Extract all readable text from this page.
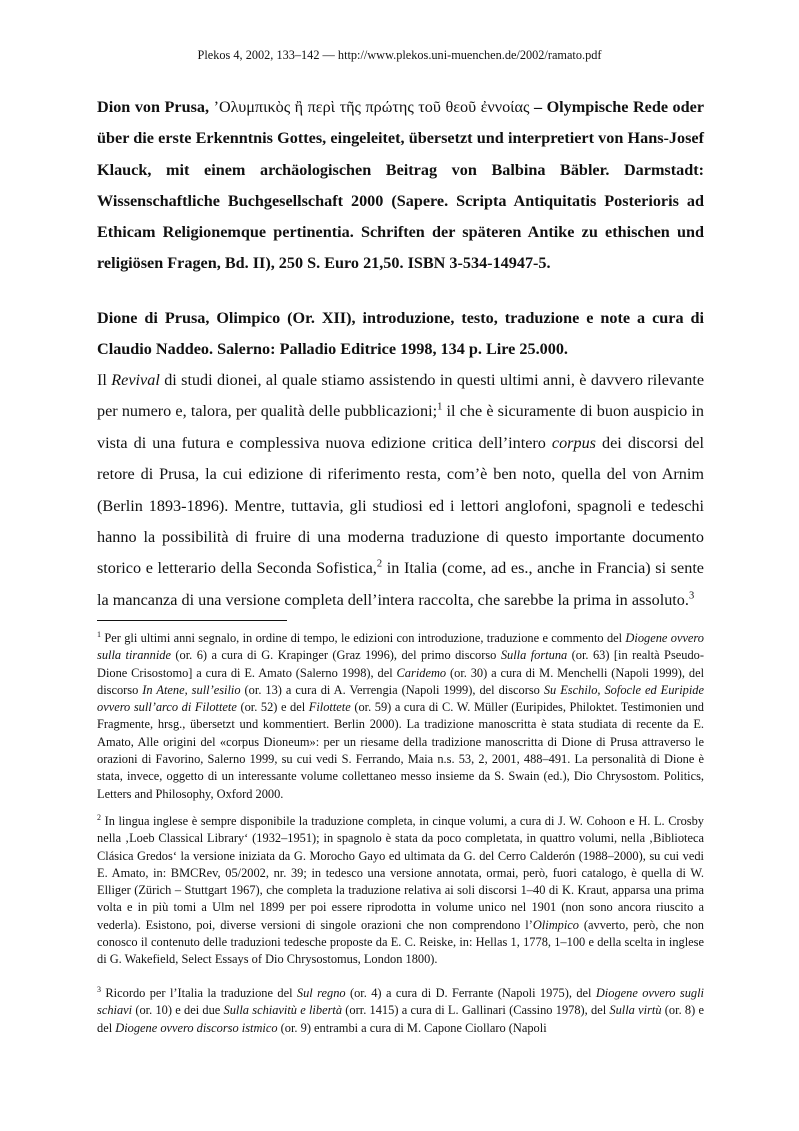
Plekos 4, 2002, 133–142 — http://www.plekos.uni-muenchen.de/2002/ramato.pdf
Dion von Prusa, ʼΟλυμπικὸς ἢ περὶ τῆς πρώτης τοῦ θεοῦ ἐννοίας – Olympische Rede oder über die erste Erkenntnis Gottes, eingeleitet, übersetzt und interpretiert von Hans-Josef Klauck, mit einem archäologischen Beitrag von Balbina Bäbler. Darmstadt: Wissenschaftliche Buchgesellschaft 2000 (Sapere. Scripta Antiquitatis Posterioris ad Ethicam Religionemque pertinentia. Schriften der späteren Antike zu ethischen und religiösen Fragen, Bd. II), 250 S. Euro 21,50. ISBN 3-534-14947-5.
Dione di Prusa, Olimpico (Or. XII), introduzione, testo, traduzione e note a cura di Claudio Naddeo. Salerno: Palladio Editrice 1998, 134 p. Lire 25.000.
Il Revival di studi dionei, al quale stiamo assistendo in questi ultimi anni, è davvero rilevante per numero e, talora, per qualità delle pubblicazioni;$^1$ il che è sicuramente di buon auspicio in vista di una futura e complessiva nuova edizione critica dell’intero corpus dei discorsi del retore di Prusa, la cui edizione di riferimento resta, com’è ben noto, quella del von Arnim (Berlin 1893-1896). Mentre, tuttavia, gli studiosi ed i lettori anglofoni, spagnoli e tedeschi hanno la possibilità di fruire di una moderna traduzione di questo importante documento storico e letterario della Seconda Sofistica,$^2$ in Italia (come, ad es., anche in Francia) si sente la mancanza di una versione completa dell’intera raccolta, che sarebbe la prima in assoluto.$^3$
$^1$ Per gli ultimi anni segnalo, in ordine di tempo, le edizioni con introduzione, traduzione e commento del Diogene ovvero sulla tirannide (or. 6) a cura di G. Krapinger (Graz 1996), del primo discorso Sulla fortuna (or. 63) [in realtà Pseudo-Dione Crisostomo] a cura di E. Amato (Salerno 1998), del Caridemo (or. 30) a cura di M. Menchelli (Napoli 1999), del discorso In Atene, sull’esilio (or. 13) a cura di A. Verrengia (Napoli 1999), del discorso Su Eschilo, Sofocle ed Euripide ovvero sull’arco di Filottete (or. 52) e del Filottete (or. 59) a cura di C. W. Müller (Euripides, Philoktet. Testimonien und Fragmente, hrsg., übersetzt und kommentiert. Berlin 2000). La tradizione manoscritta è stata studiata di recente da E. Amato, Alle origini del «corpus Dioneum»: per un riesame della tradizione manoscritta di Dione di Prusa attraverso le orazioni di Favorino, Salerno 1999, su cui vedi S. Ferrando, Maia n.s. 53, 2, 2001, 488–491. La personalità di Dione è stata, invece, oggetto di un interessante volume collettaneo messo insieme da S. Swain (ed.), Dio Chrysostom. Politics, Letters and Philosophy, Oxford 2000.
$^2$ In lingua inglese è sempre disponibile la traduzione completa, in cinque volumi, a cura di J. W. Cohoon e H. L. Crosby nella ‚Loeb Classical Library‘ (1932–1951); in spagnolo è stata da poco completata, in quattro volumi, nella ‚Biblioteca Clásica Gredos‘ la versione iniziata da G. Morocho Gayo ed ultimata da G. del Cerro Calderón (1988–2000), su cui vedi E. Amato, in: BMCRev, 05/2002, nr. 39; in tedesco una versione annotata, ormai, però, fuori catalogo, è quella di W. Elliger (Zürich – Stuttgart 1967), che completa la traduzione relativa ai soli discorsi 1–40 di K. Kraut, apparsa una prima volta e in più tomi a Ulm nel 1899 per poi essere riprodotta in volume unico nel 1901 (non sono ancora riuscito a vederla). Esistono, poi, diverse versioni di singole orazioni che non comprendono l’Olimpico (avverto, però, che non conosco il contenuto delle traduzioni tedesche proposte da E. C. Reiske, in: Hellas 1, 1778, 1–100 e della scelta in inglese di G. Wakefield, Select Essays of Dio Chrysostomus, London 1800).
$^3$ Ricordo per l’Italia la traduzione del Sul regno (or. 4) a cura di D. Ferrante (Napoli 1975), del Diogene ovvero sugli schiavi (or. 10) e dei due Sulla schiavitù e libertà (orr. 1415) a cura di L. Gallinari (Cassino 1978), del Sulla virtù (or. 8) e del Diogene ovvero discorso istmico (or. 9) entrambi a cura di M. Capone Ciollaro (Napoli
